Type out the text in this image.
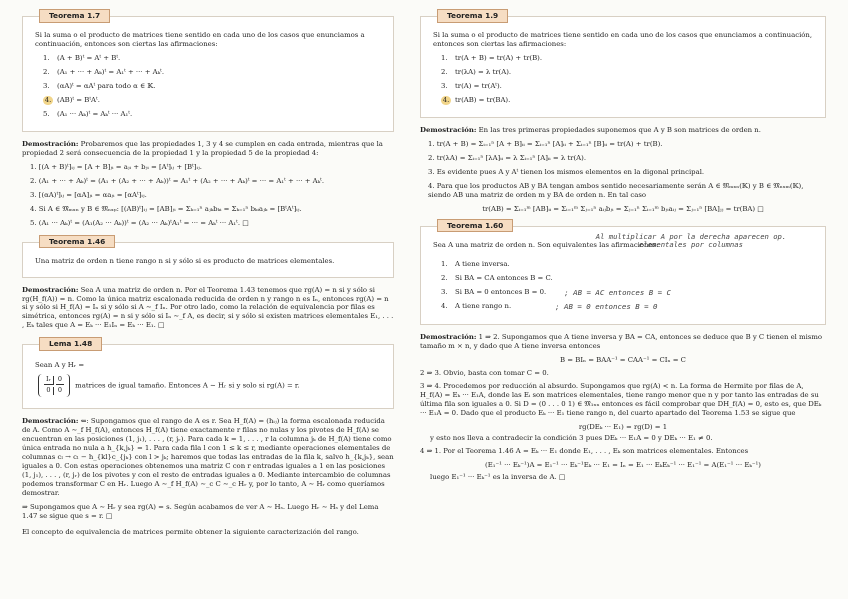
Teorema 1.7

Si la suma o el producto de matrices tiene sentido en cada uno de los casos que enunciamos a continuación, entonces son ciertas las afirmaciones:

1.	(A + B)ᵗ = Aᵗ + Bᵗ.
2.	(A₁ + ··· + Aₖ)ᵗ = A₁ᵗ + ··· + Aₖᵗ.
3.	(αA)ᵗ = αAᵗ para todo α ∈ 𝕂.
4. (AB)ᵗ = BᵗAᵗ.
5.	(A₁ ··· Aₖ)ᵗ = Aₖᵗ ··· A₁ᵗ.

Demostración: Probaremos que las propiedades 1, 3 y 4 se cumplen en cada entrada, mientras que la propiedad 2 será consecuencia de la propiedad 1 y la propiedad 5 de la propiedad 4:

1. [(A + B)ᵗ]ᵢⱼ = [A + B]ⱼᵢ = aⱼᵢ + bⱼᵢ = [Aᵗ]ᵢⱼ + [Bᵗ]ᵢⱼ.
2. (A₁ + ··· + Aₖ)ᵗ = (A₁ + (A₂ + ··· + Aₖ))ᵗ = A₁ᵗ + (A₂ + ··· + Aₖ)ᵗ = ··· = A₁ᵗ + ··· + Aₖᵗ.
3. [(αA)ᵗ]ᵢⱼ = [αA]ⱼᵢ = αaⱼᵢ = [αAᵗ]ᵢⱼ.
4. Si A ∈ 𝔐ₘₓₙ y B ∈ 𝔐ₙₓₚ: [(AB)ᵗ]ᵢⱼ = [AB]ⱼᵢ = Σₖ₌₁ⁿ aⱼₖbₖᵢ = Σₖ₌₁ⁿ bₖᵢaⱼₖ = [BᵗAᵗ]ᵢⱼ.
5. (A₁ ··· Aₖ)ᵗ = (A₁(A₂ ··· Aₖ))ᵗ = (A₂ ··· Aₖ)ᵗA₁ᵗ = ··· = Aₖᵗ ··· A₁ᵗ. □
Teorema 1.46

Una matriz de orden n tiene rango n si y sólo si es producto de matrices elementales.

Demostración: Sea A una matriz de orden n. Por el Teorema 1.43 tenemos que rg(A) = n si y sólo si rg(H_f(A)) = n. Como la única matriz escalonada reducida de orden n y rango n es Iₙ, entonces rg(A) = n si y sólo si H_f(A) = Iₙ si y sólo si A ∼_f Iₙ. Por otro lado, como la relación de equivalencia por filas es simétrica, entonces rg(A) = n si y sólo si Iₙ ∼_f A, es decir, si y sólo si existen matrices elementales E₁, . . . , Eₖ tales que A = Eₖ ··· E₁Iₙ = Eₖ ··· E₁. □

Lema 1.48

Sean A y Hᵣ =

Iᵣ	0
0	0 matrices de igual tamaño. Entonces A ∼ Hᵣ si y solo si rg(A) = r.

Demostración: ⇐: Supongamos que el rango de A es r. Sea H_f(A) = (hᵢⱼ) la forma escalonada reducida de A. Como A ∼_f H_f(A), entonces H_f(A) tiene exactamente r filas no nulas y los pivotes de H_f(A) se encuentran en las posiciones (1, j₁), . . . , (r, jᵣ). Para cada k = 1, . . . , r la columna jₖ de H_f(A) tiene como única entrada no nula a h_{k,jₖ} = 1. Para cada fila l con 1 ≤ k ≤ r, mediante operaciones elementales de columnas cₗ → cₗ − h_{kl}c_{jₖ} con l > jₖ; haremos que todas las entradas de la fila k, salvo h_{k,jₖ}, sean iguales a 0. Con estas operaciones obtenemos una matriz C con r entradas iguales a 1 en las posiciones (1, j₁), . . . , (r, jᵣ) de los pivotes y con el resto de entradas iguales a 0. Mediante intercambio de columnas podemos transformar C en Hᵣ. Luego A ∼_f H_f(A) ∼_c C ∼_c Hᵣ y, por lo tanto, A ∼ Hᵣ como queríamos demostrar.

⇒ Supongamos que A ∼ Hᵣ y sea rg(A) = s. Según acabamos de ver A ∼ Hₛ. Luego Hᵣ ∼ Hₛ y del Lema 1.47 se sigue que s = r. □

El concepto de equivalencia de matrices permite obtener la siguiente caracterización del rango.

Teorema 1.9

Si la suma o el producto de matrices tiene sentido en cada uno de los casos que enunciamos a continuación, entonces son ciertas las afirmaciones:

1.	tr(A + B) = tr(A) + tr(B).
2.	tr(λA) = λ tr(A).
3.	tr(A) = tr(Aᵗ).
4. tr(AB) = tr(BA).

Demostración: En las tres primeras propiedades suponemos que A y B son matrices de orden n.

1. tr(A + B) = Σᵢ₌₁ⁿ [A + B]ᵢᵢ = Σᵢ₌₁ⁿ [A]ᵢᵢ + Σᵢ₌₁ⁿ [B]ᵢᵢ = tr(A) + tr(B).
2. tr(λA) = Σᵢ₌₁ⁿ [λA]ᵢᵢ = λ Σᵢ₌₁ⁿ [A]ᵢᵢ = λ tr(A).
3. Es evidente pues A y Aᵗ tienen los mismos elementos en la digonal principal.
4. Para que los productos AB y BA tengan ambos sentido necesariamente serán A ∈ 𝔐ₘₓₙ(𝕂) y B ∈ 𝔐ₙₓₘ(𝕂), siendo AB una matriz de orden m y BA de orden n. En tal caso

tr(AB) = Σᵢ₌₁ᵐ [AB]ᵢᵢ = Σᵢ₌₁ᵐ Σⱼ₌₁ⁿ aᵢⱼbⱼᵢ = Σⱼ₌₁ⁿ Σᵢ₌₁ᵐ bⱼᵢaᵢⱼ = Σⱼ₌₁ⁿ [BA]ⱼⱼ = tr(BA) □

Teorema 1.60

Sea A una matriz de orden n. Son equivalentes las afirmaciones:

Al multiplicar A por la derecha aparecen op. elementales por columnas
1.	A tiene inversa.
2.	Si BA = CA entonces B = C.
3.	Si BA = 0 entonces B = 0. ; AB = AC entonces B = C
4.	A tiene rango n.	; AB = 0 entonces B = 0

Demostración: 1 ⇒ 2. Supongamos que A tiene inversa y BA = CA, entonces se deduce que B y C tienen el mismo tamaño m × n, y dado que A tiene inversa entonces

B = BIₙ = BAA⁻¹ = CAA⁻¹ = CIₙ = C

2 ⇒ 3. Obvio, basta con tomar C = 0.

3 ⇒ 4. Procedemos por reducción al absurdo. Supongamos que rg(A) < n. La forma de Hermite por filas de A, H_f(A) = Eₖ ··· E₁A, donde las Eᵢ son matrices elementales, tiene rango menor que n y por tanto las entradas de su última fila son iguales a 0. Si D = (0 . . . 0 1) ∈ 𝔐₁ₓₙ entonces es fácil comprobar que DH_f(A) = 0, esto es, que DEₖ ··· E₁A = 0. Dado que el producto Eₖ ··· E₁ tiene rango n, del cuarto apartado del Teorema 1.53 se sigue que

rg(DEₖ ··· E₁) = rg(D) = 1

y esto nos lleva a contradecir la condición 3 pues DEₖ ··· E₁A = 0 y DEₖ ··· E₁ ≠ 0.

4 ⇒ 1. Por el Teorema 1.46 A = Eₖ ··· E₁ donde E₁, . . . , Eₖ son matrices elementales. Entonces

(E₁⁻¹ ··· Eₖ⁻¹)A = E₁⁻¹ ··· Eₖ⁻¹Eₖ ··· E₁ = Iₙ = E₁ ··· EₖEₖ⁻¹ ··· E₁⁻¹ = A(E₁⁻¹ ··· Eₖ⁻¹)

luego E₁⁻¹ ··· Eₖ⁻¹ es la inversa de A. □
